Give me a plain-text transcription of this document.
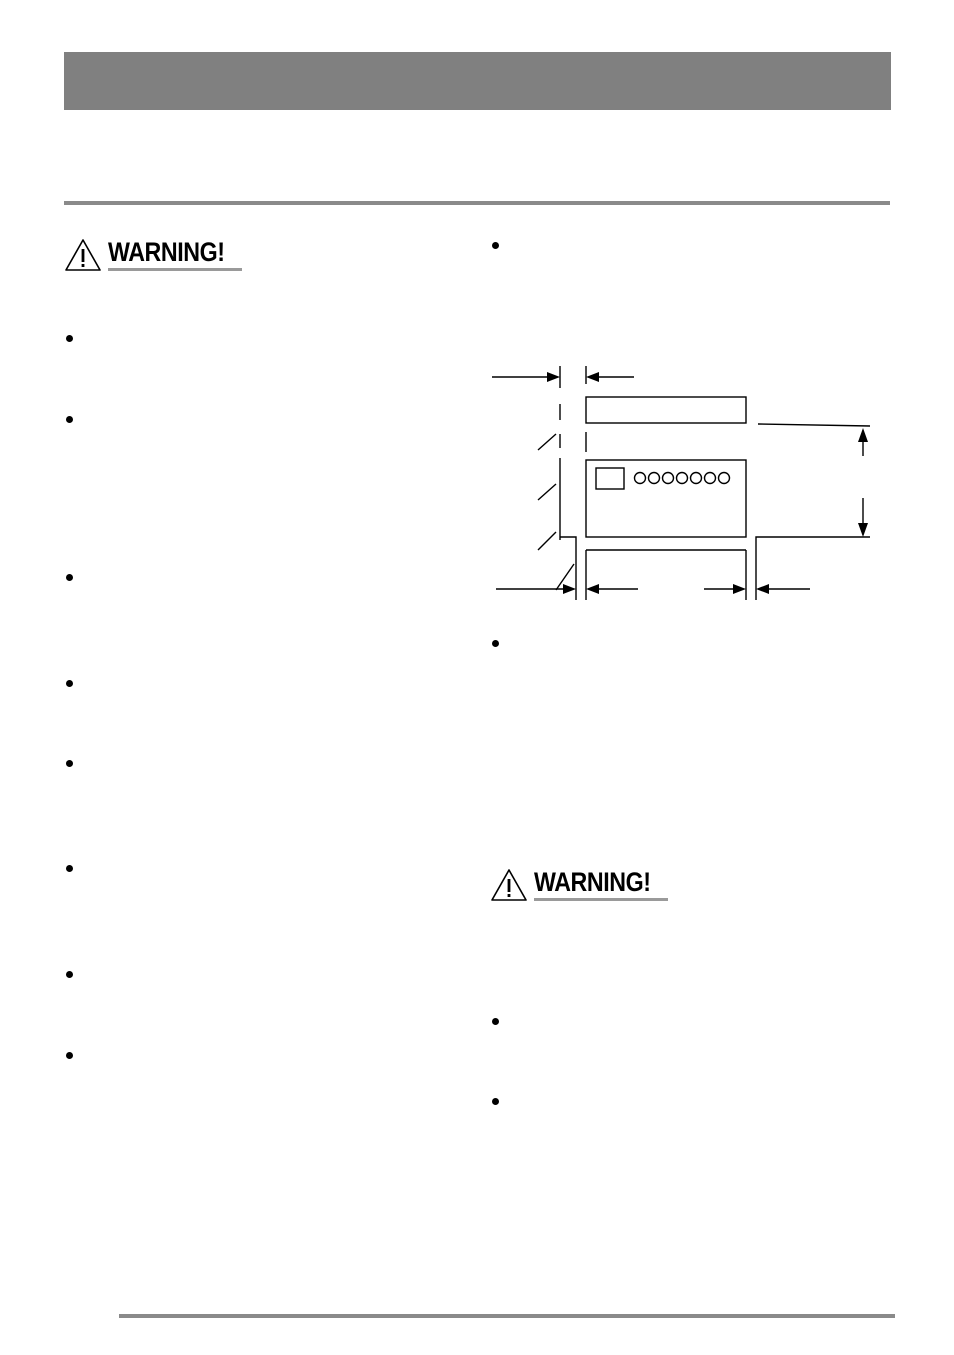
WARNING!
WARNING!
